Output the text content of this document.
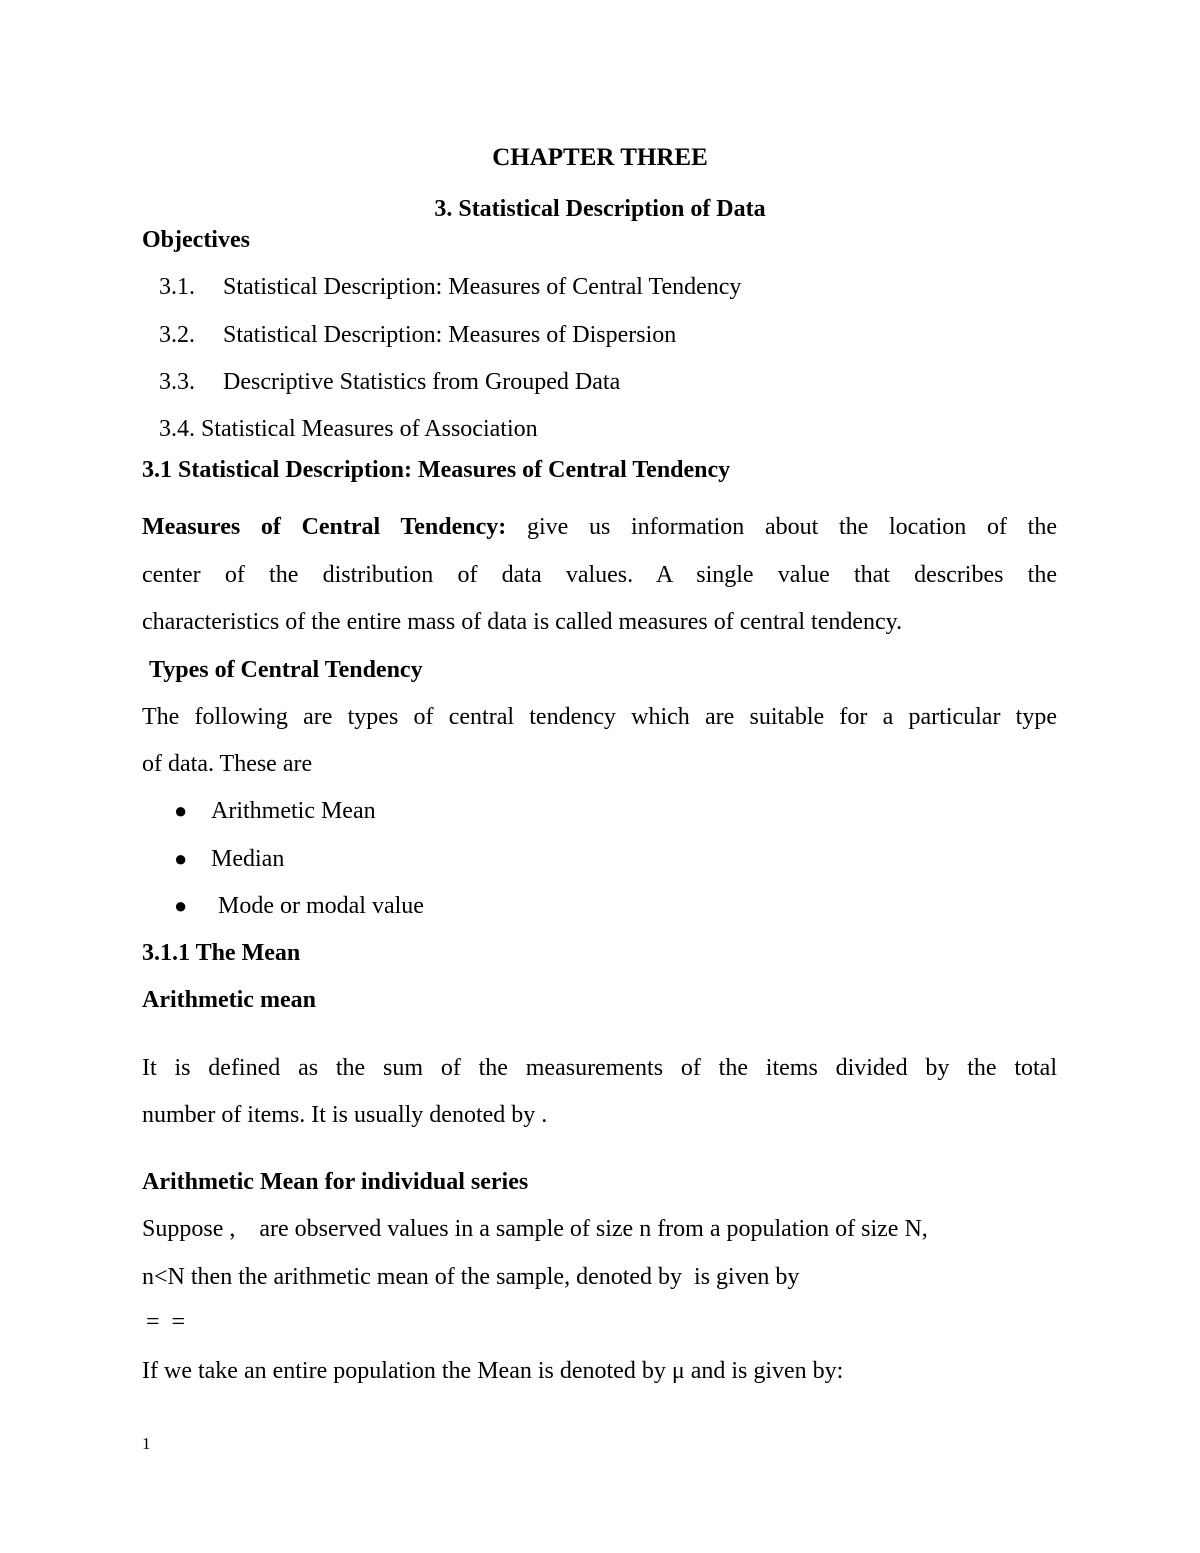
CHAPTER THREE
3. Statistical Description of Data
Objectives
3.1. Statistical Description: Measures of Central Tendency
3.2. Statistical Description: Measures of Dispersion
3.3. Descriptive Statistics from Grouped Data
3.4. Statistical Measures of Association
3.1 Statistical Description: Measures of Central Tendency
Measures of Central Tendency: give us information about the location of the
center of the distribution of data values. A single value that describes the
characteristics of the entire mass of data is called measures of central tendency.
Types of Central Tendency
The following are types of central tendency which are suitable for a particular type
of data. These are
● Arithmetic Mean
● Median
● Mode or modal value
3.1.1 The Mean
Arithmetic mean
It is defined as the sum of the measurements of the items divided by the total
number of items. It is usually denoted by .
Arithmetic Mean for individual series
Suppose ,    are observed values in a sample of size n from a population of size N,
n<N then the arithmetic mean of the sample, denoted by  is given by
=  =
If we take an entire population the Mean is denoted by μ and is given by:
1
